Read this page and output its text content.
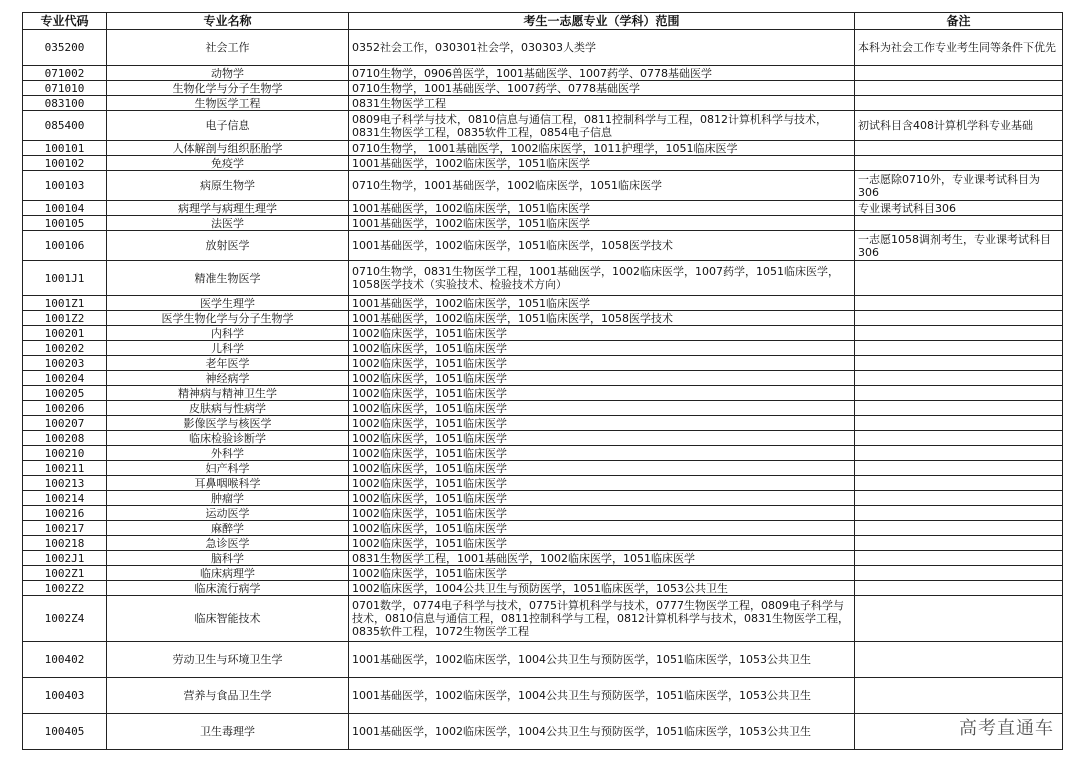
专业代码	专业名称	考生一志愿专业（学科）范围	备注
035200	社会工作	0352社会工作，030301社会学，030303人类学	本科为社会工作专业考生同等条件下优先
071002	动物学	0710生物学，0906兽医学，1001基础医学、1007药学、0778基础医学	
071010	生物化学与分子生物学	0710生物学，1001基础医学、1007药学、0778基础医学	
083100	生物医学工程	0831生物医学工程	
085400	电子信息	0809电子科学与技术，0810信息与通信工程，0811控制科学与工程，0812计算机科学与技术，0831生物医学工程，0835软件工程，0854电子信息	初试科目含408计算机学科专业基础
100101	人体解剖与组织胚胎学	0710生物学， 1001基础医学，1002临床医学，1011护理学，1051临床医学	
100102	免疫学	1001基础医学，1002临床医学，1051临床医学	
100103	病原生物学	0710生物学，1001基础医学，1002临床医学，1051临床医学	一志愿除0710外，专业课考试科目为306
100104	病理学与病理生理学	1001基础医学，1002临床医学，1051临床医学	专业课考试科目306
100105	法医学	1001基础医学，1002临床医学，1051临床医学	
100106	放射医学	1001基础医学，1002临床医学，1051临床医学，1058医学技术	一志愿1058调剂考生，专业课考试科目306
1001J1	精准生物医学	0710生物学，0831生物医学工程，1001基础医学，1002临床医学，1007药学，1051临床医学，1058医学技术（实验技术、检验技术方向）	
1001Z1	医学生理学	1001基础医学，1002临床医学，1051临床医学	
1001Z2	医学生物化学与分子生物学	1001基础医学，1002临床医学，1051临床医学，1058医学技术	
100201	内科学	1002临床医学，1051临床医学	
100202	儿科学	1002临床医学，1051临床医学	
100203	老年医学	1002临床医学，1051临床医学	
100204	神经病学	1002临床医学，1051临床医学	
100205	精神病与精神卫生学	1002临床医学，1051临床医学	
100206	皮肤病与性病学	1002临床医学，1051临床医学	
100207	影像医学与核医学	1002临床医学，1051临床医学	
100208	临床检验诊断学	1002临床医学，1051临床医学	
100210	外科学	1002临床医学，1051临床医学	
100211	妇产科学	1002临床医学，1051临床医学	
100213	耳鼻咽喉科学	1002临床医学，1051临床医学	
100214	肿瘤学	1002临床医学，1051临床医学	
100216	运动医学	1002临床医学，1051临床医学	
100217	麻醉学	1002临床医学，1051临床医学	
100218	急诊医学	1002临床医学，1051临床医学	
1002J1	脑科学	0831生物医学工程，1001基础医学，1002临床医学，1051临床医学	
1002Z1	临床病理学	1002临床医学，1051临床医学	
1002Z2	临床流行病学	1002临床医学，1004公共卫生与预防医学，1051临床医学，1053公共卫生	
1002Z4	临床智能技术	0701数学，0774电子科学与技术，0775计算机科学与技术，0777生物医学工程，0809电子科学与技术，0810信息与通信工程，0811控制科学与工程，0812计算机科学与技术，0831生物医学工程，0835软件工程，1072生物医学工程	
100402	劳动卫生与环境卫生学	1001基础医学，1002临床医学，1004公共卫生与预防医学，1051临床医学，1053公共卫生	
100403	营养与食品卫生学	1001基础医学，1002临床医学，1004公共卫生与预防医学，1051临床医学，1053公共卫生	
100405	卫生毒理学	1001基础医学，1002临床医学，1004公共卫生与预防医学，1051临床医学，1053公共卫生		高考直通车
